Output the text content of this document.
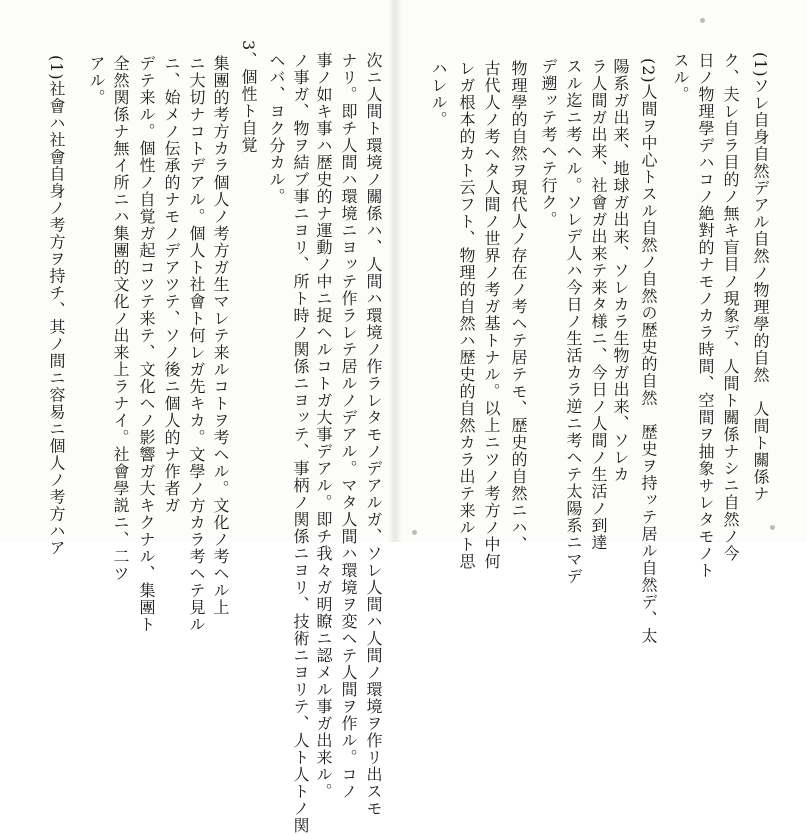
(1)ソレ自身自然デアル自然ノ物理學的自然　人間ト關係ナ
ク、夫レ自ラ目的ノ無キ盲目ノ現象デ、人間ト關係ナシニ自然ノ今
日ノ物理學デハコノ絶對的ナモノカラ時間、空間ヲ抽象サレタモノト
スル。
(2)人間ヲ中心トスル自然ノ自然の歴史的自然　歴史ヲ持ッテ居ル自然デ、太
陽系ガ出来、地球ガ出来、ソレカラ生物ガ出来、ソレカ
ラ人間ガ出来、社會ガ出来テ来タ様ニ、今日ノ人間ノ生活ノ到達
スル迄ニ考ヘル。ソレデ人ハ今日ノ生活カラ逆ニ考ヘテ太陽系ニマデ
デ遡ッテ考ヘテ行ク。
物理學的自然ヲ現代人ノ存在ノ考ヘテ居テモ、歴史的自然ニハ、
古代人ノ考ヘタ人間ノ世界ノ考ガ基トナル。以上ニツノ考方ノ中何
レガ根本的カト云フト、物理的自然ハ歴史的自然カラ出テ来ルト思
ハレル。
次ニ人間ト環境ノ關係ハ、人間ハ環境ノ作ラレタモノデアルガ、ソレ人間ハ人間ノ環境ヲ作リ出スモ
ナリ。即チ人間ハ環境ニヨッテ作ラレテ居ルノデアル。マタ人間ハ環境ヲ変ヘテ人間ヲ作ル。コノ
事ノ如キ事ハ歴史的ナ運動ノ中ニ捉ヘルコトガ大事デアル。即チ我々ガ明瞭ニ認メル事ガ出来ル。
ノ事ガ、物ヲ結ブ事ニヨリ、所ト時ノ関係ニヨッテ、事柄ノ関係ニヨリ、技術ニヨリテ、人ト人トノ関
ヘバ、ヨク分カル。
3、個性ト自覚
集團的考方カラ個人ノ考方ガ生マレテ来ルコトヲ考ヘル。文化ノ考ヘル上
ニ大切ナコトデアル。個人ト社會ト何レガ先キカ。文學ノ方カラ考ヘテ見ル
ニ、始メノ伝承的ナモノデアツテ、ソノ後ニ個人的ナ作者ガ
デテ来ル。個性ノ自覚ガ起コツテ来テ、文化ヘノ影響ガ大キクナル、集團ト
全然関係ナ無イ所ニハ集團的文化ノ出来上ラナイ。社會學説ニ、二ツ
アル。
(1)社會ハ社會自身ノ考方ヲ持チ、其ノ間ニ容易ニ個人ノ考方ハア
